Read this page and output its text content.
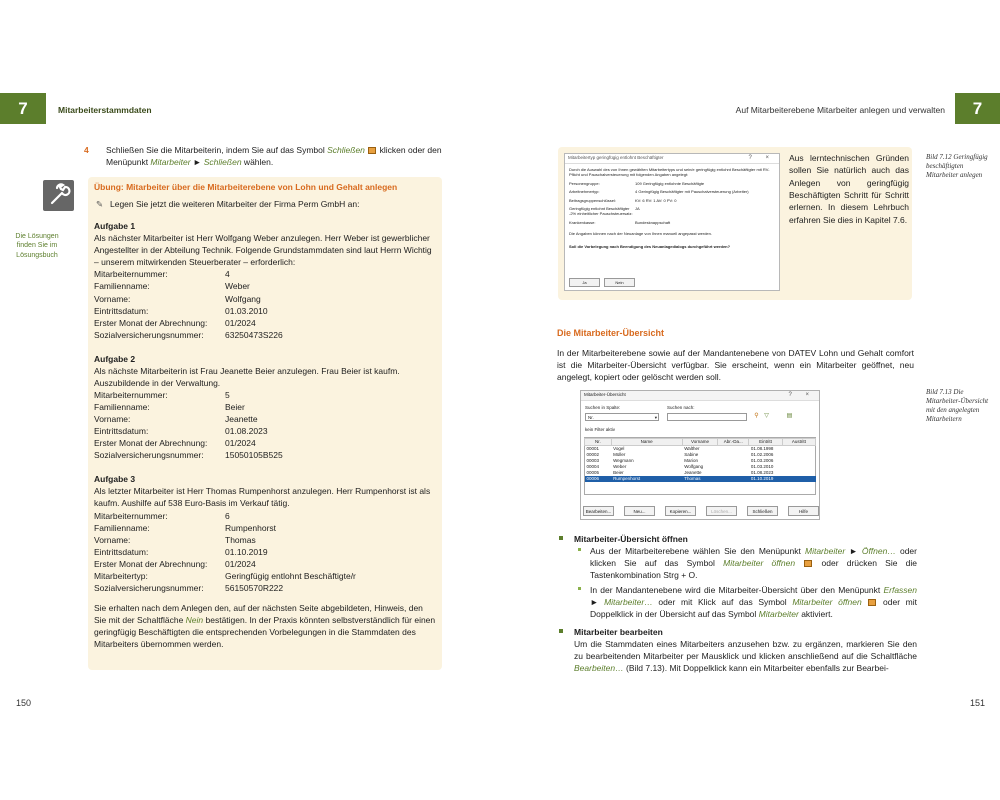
7	Mitarbeiterstammdaten	Auf Mitarbeiterebene Mitarbeiter anlegen und verwalten	7
4 Schließen Sie die Mitarbeiterin, indem Sie auf das Symbol Schließen  klicken oder den Menüpunkt Mitarbeiter ► Schließen wählen.

Die Lösungen finden Sie im Lösungsbuch
Übung: Mitarbeiter über die Mitarbeiterebene von Lohn und Gehalt anlegen
✎ Legen Sie jetzt die weiteren Mitarbeiter der Firma Perm GmbH an:
Aufgabe 1
Als nächster Mitarbeiter ist Herr Wolfgang Weber anzulegen. Herr Weber ist gewerblicher Angestellter in der Abteilung Technik. Folgende Grundstammdaten sind laut Herrn Wichtig – unserem mitwirkenden Steuerberater – erforderlich:
Mitarbeiternummer:	4
Familienname:	Weber
Vorname:	Wolfgang
Eintrittsdatum:	01.03.2010
Erster Monat der Abrechnung:	01/2024
Sozialversicherungsnummer:	63250473S226
Aufgabe 2
Als nächste Mitarbeiterin ist Frau Jeanette Beier anzulegen. Frau Beier ist kaufm. Auszubildende in der Verwaltung.
Mitarbeiternummer:	5
Familienname:	Beier
Vorname:	Jeanette
Eintrittsdatum:	01.08.2023
Erster Monat der Abrechnung:	01/2024
Sozialversicherungsnummer:	15050105B525
Aufgabe 3
Als letzter Mitarbeiter ist Herr Thomas Rumpenhorst anzulegen. Herr Rumpenhorst ist als kaufm. Aushilfe auf 538 Euro-Basis im Verkauf tätig.
Mitarbeiternummer:	6
Familienname:	Rumpenhorst
Vorname:	Thomas
Eintrittsdatum:	01.10.2019
Erster Monat der Abrechnung:	01/2024
Mitarbeitertyp:	Geringfügig entlohnt Beschäftigte/r
Sozialversicherungsnummer:	56150570R222
Sie erhalten nach dem Anlegen den, auf der nächsten Seite abgebildeten, Hinweis, den Sie mit der Schaltfläche Nein bestätigen. In der Praxis könnten selbstverständlich für einen geringfügig Beschäftigten die entsprechenden Vorbelegungen in die Stammdaten des Mitarbeiters übernommen werden.
150
Mitarbeitertyp geringfügig entlohnt Beschäftigter	? ×
Durch die Auswahl des von Ihnen gewählten Mitarbeitertyps und sein/e geringfügig entlohnt Beschäftigter mit RV-Pflicht und Pauschalversteuerung mit folgenden Angaben angelegt:
Personengruppe:	109 Geringfügig entlohnte Beschäftigte
Arbeitnehmertyp:	4 Geringfügig Beschäftigter mit Pauschalversteuerung (Arbeiter)
Beitragsgruppenschlüssel:	KV: 6 RV: 1 AV: 0 PV: 0
Geringfügig entlohnt Beschäftigter -2% einheitlicher Pauschsteuersatz:
JA
Krankenkasse:	Bundesknappschaft
Die Angaben können nach der Neuanlage von Ihnen manuell angepasst werden.
Soll die Vorbelegung nach Beendigung des Neuanlagedialogs durchgeführt werden?
Ja	Nein
Aus lerntechnischen Gründen sollen Sie natürlich auch das Anlegen von geringfügig Beschäftigten Schritt für Schritt erlernen. In diesem Lehrbuch erfahren Sie dies in Kapitel 7.6.
Bild 7.12 Geringfügig beschäftigten Mitarbeiter anlegen
Die Mitarbeiter-Übersicht
In der Mitarbeiterebene sowie auf der Mandantenebene von DATEV Lohn und Gehalt comfort ist die Mitarbeiter-Übersicht verfügbar. Sie erscheint, wenn ein Mitarbeiter geöffnet, neu angelegt, kopiert oder gelöscht werden soll.
Bild 7.13 Die Mitarbeiter-Übersicht mit den angelegten Mitarbeitern
Mitarbeiter-Übersicht	? ×
Suchen in Spalte:
Nr.	▾
Suchen nach:
⚲ ▽	▤
kein Filter aktiv
Nr.	Name	Vorname	Abr.-Da...	Eintritt	Austritt
00001	Vogel	Walther		01.08.1998	
00002	Müller	Sabine		01.02.2006	
00003	Wegmann	Marion		01.03.2006	
00004	Weber	Wolfgang		01.03.2010	
00005	Beier	Jeanette		01.08.2023	
00006	Rumpenhorst	Thomas		01.10.2019	
Bearbeiten...	Neu...	Kopieren...	Löschen...	Schließen	Hilfe
Mitarbeiter-Übersicht öffnen
Aus der Mitarbeiterebene wählen Sie den Menüpunkt Mitarbeiter ► Öffnen… oder klicken Sie auf das Symbol Mitarbeiter öffnen  oder drücken Sie die Tastenkombination Strg + O.
In der Mandantenebene wird die Mitarbeiter-Übersicht über den Menüpunkt Erfassen ► Mitarbeiter… oder mit Klick auf das Symbol Mitarbeiter öffnen  oder mit Doppelklick in der Übersicht auf das Symbol Mitarbeiter aktiviert.
Mitarbeiter bearbeiten
Um die Stammdaten eines Mitarbeiters anzusehen bzw. zu ergänzen, markieren Sie den zu bearbeitenden Mitarbeiter per Mausklick und klicken anschließend auf die Schaltfläche Bearbeiten… (Bild 7.13). Mit Doppelklick kann ein Mitarbeiter ebenfalls zur Bearbei-
151
